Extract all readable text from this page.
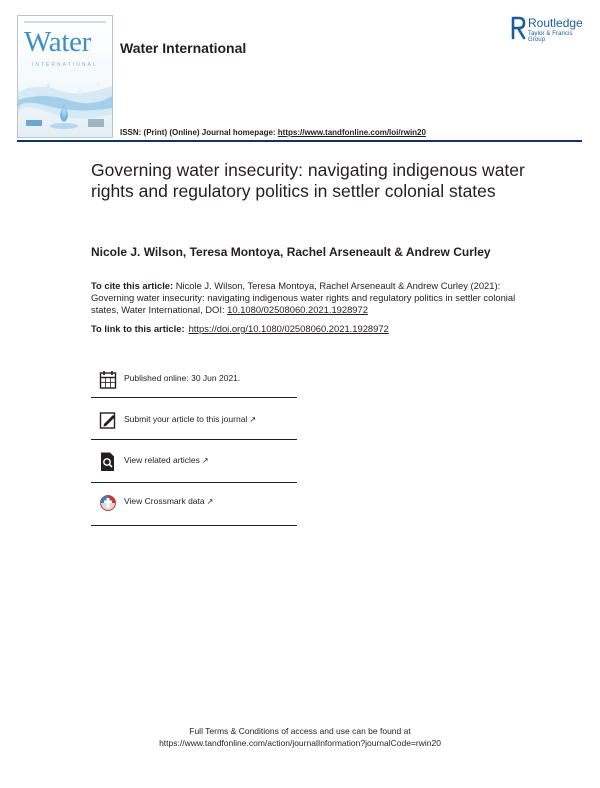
Water
INTERNATIONAL
Water International
Routledge
Taylor & Francis Group
ISSN: (Print) (Online) Journal homepage: https://www.tandfonline.com/loi/rwin20
Governing water insecurity: navigating indigenous water rights and regulatory politics in settler colonial states
Nicole J. Wilson, Teresa Montoya, Rachel Arseneault & Andrew Curley
To cite this article: Nicole J. Wilson, Teresa Montoya, Rachel Arseneault & Andrew Curley (2021): Governing water insecurity: navigating indigenous water rights and regulatory politics in settler colonial states, Water International, DOI: 10.1080/02508060.2021.1928972
To link to this article: https://doi.org/10.1080/02508060.2021.1928972
Published online: 30 Jun 2021.
Submit your article to this journal ↗
View related articles ↗
View Crossmark data ↗
Full Terms & Conditions of access and use can be found at
https://www.tandfonline.com/action/journalInformation?journalCode=rwin20
